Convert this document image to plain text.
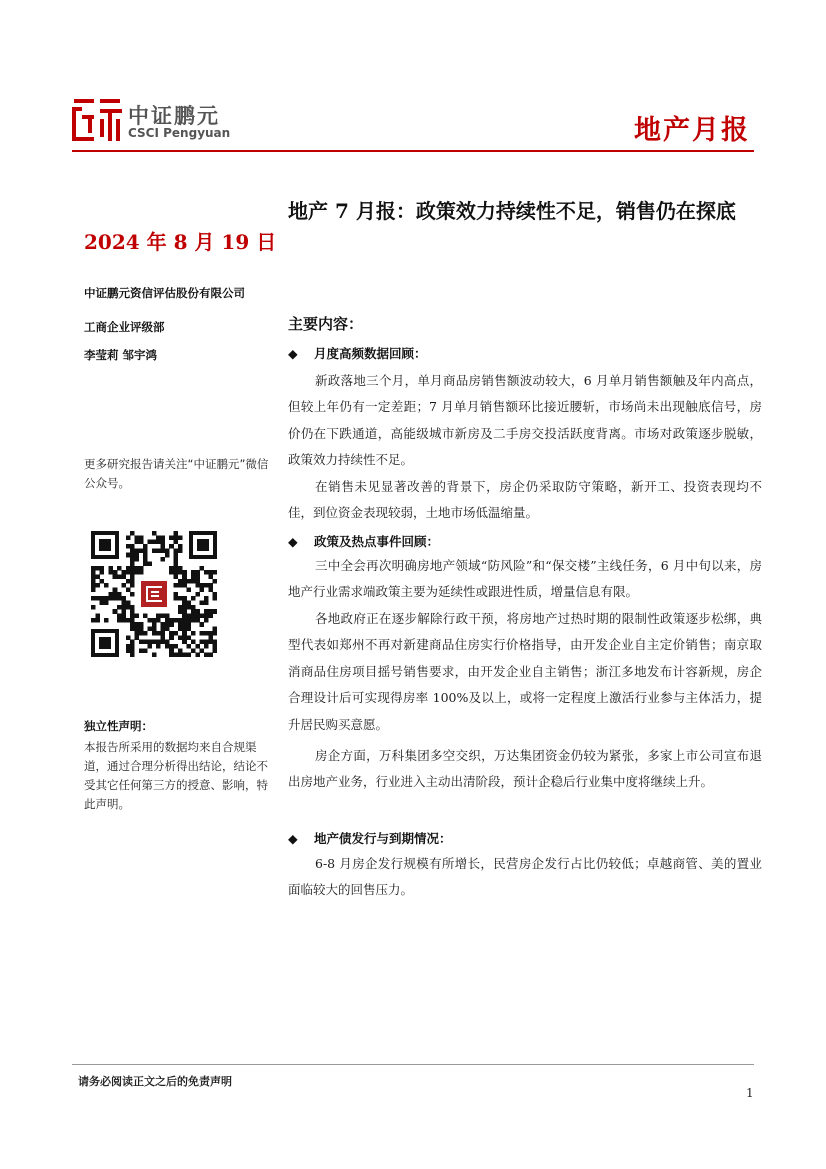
中证鹏元
CSCI Pengyuan	地产月报
2024 年 8 月 19 日
中证鹏元资信评估股份有限公司
工商企业评级部
李莹莉 邹宇鸿
更多研究报告请关注“中证鹏元”微信公众号。
独立性声明：
本报告所采用的数据均来自合规渠道，通过合理分析得出结论，结论不受其它任何第三方的授意、影响，特此声明。
地产 7 月报：政策效力持续性不足，销售仍在探底
主要内容：
◆ 月度高频数据回顾：
新政落地三个月，单月商品房销售额波动较大，6 月单月销售额触及年内高点，但较上年仍有一定差距；7 月单月销售额环比接近腰斩，市场尚未出现触底信号，房价仍在下跌通道，高能级城市新房及二手房交投活跃度背离。市场对政策逐步脱敏，政策效力持续性不足。
在销售未见显著改善的背景下，房企仍采取防守策略，新开工、投资表现均不佳，到位资金表现较弱，土地市场低温缩量。
◆ 政策及热点事件回顾：
三中全会再次明确房地产领域“防风险”和“保交楼”主线任务，6 月中旬以来，房地产行业需求端政策主要为延续性或跟进性质，增量信息有限。
各地政府正在逐步解除行政干预，将房地产过热时期的限制性政策逐步松绑，典型代表如郑州不再对新建商品住房实行价格指导，由开发企业自主定价销售；南京取消商品住房项目摇号销售要求，由开发企业自主销售；浙江多地发布计容新规，房企合理设计后可实现得房率 100%及以上，或将一定程度上激活行业参与主体活力，提升居民购买意愿。
房企方面，万科集团多空交织，万达集团资金仍较为紧张，多家上市公司宣布退出房地产业务，行业进入主动出清阶段，预计企稳后行业集中度将继续上升。
◆ 地产债发行与到期情况：
6-8 月房企发行规模有所增长，民营房企发行占比仍较低；卓越商管、美的置业面临较大的回售压力。
请务必阅读正文之后的免责声明
1
